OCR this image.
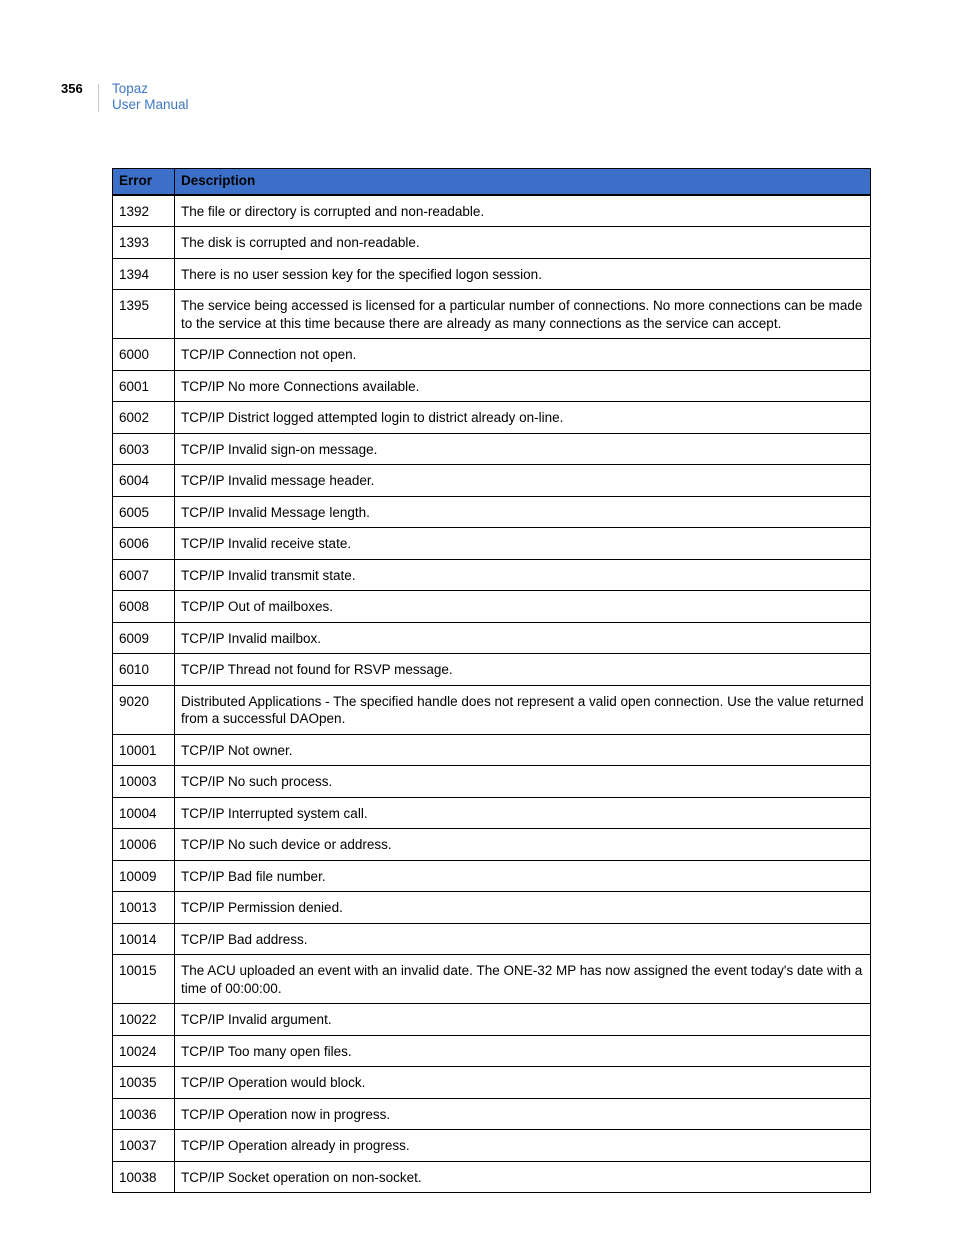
356 Topaz
User Manual
Error	Description
1392	The file or directory is corrupted and non-readable.
1393	The disk is corrupted and non-readable.
1394	There is no user session key for the specified logon session.
1395	The service being accessed is licensed for a particular number of connections. No more connections can be made to the service at this time because there are already as many connections as the service can accept.
6000	TCP/IP Connection not open.
6001	TCP/IP No more Connections available.
6002	TCP/IP District logged attempted login to district already on-line.
6003	TCP/IP Invalid sign-on message.
6004	TCP/IP Invalid message header.
6005	TCP/IP Invalid Message length.
6006	TCP/IP Invalid receive state.
6007	TCP/IP Invalid transmit state.
6008	TCP/IP Out of mailboxes.
6009	TCP/IP Invalid mailbox.
6010	TCP/IP Thread not found for RSVP message.
9020	Distributed Applications - The specified handle does not represent a valid open connection. Use the value returned from a successful DAOpen.
10001	TCP/IP Not owner.
10003	TCP/IP No such process.
10004	TCP/IP Interrupted system call.
10006	TCP/IP No such device or address.
10009	TCP/IP Bad file number.
10013	TCP/IP Permission denied.
10014	TCP/IP Bad address.
10015	The ACU uploaded an event with an invalid date. The ONE-32 MP has now assigned the event today's date with a time of 00:00:00.
10022	TCP/IP Invalid argument.
10024	TCP/IP Too many open files.
10035	TCP/IP Operation would block.
10036	TCP/IP Operation now in progress.
10037	TCP/IP Operation already in progress.
10038	TCP/IP Socket operation on non-socket.
